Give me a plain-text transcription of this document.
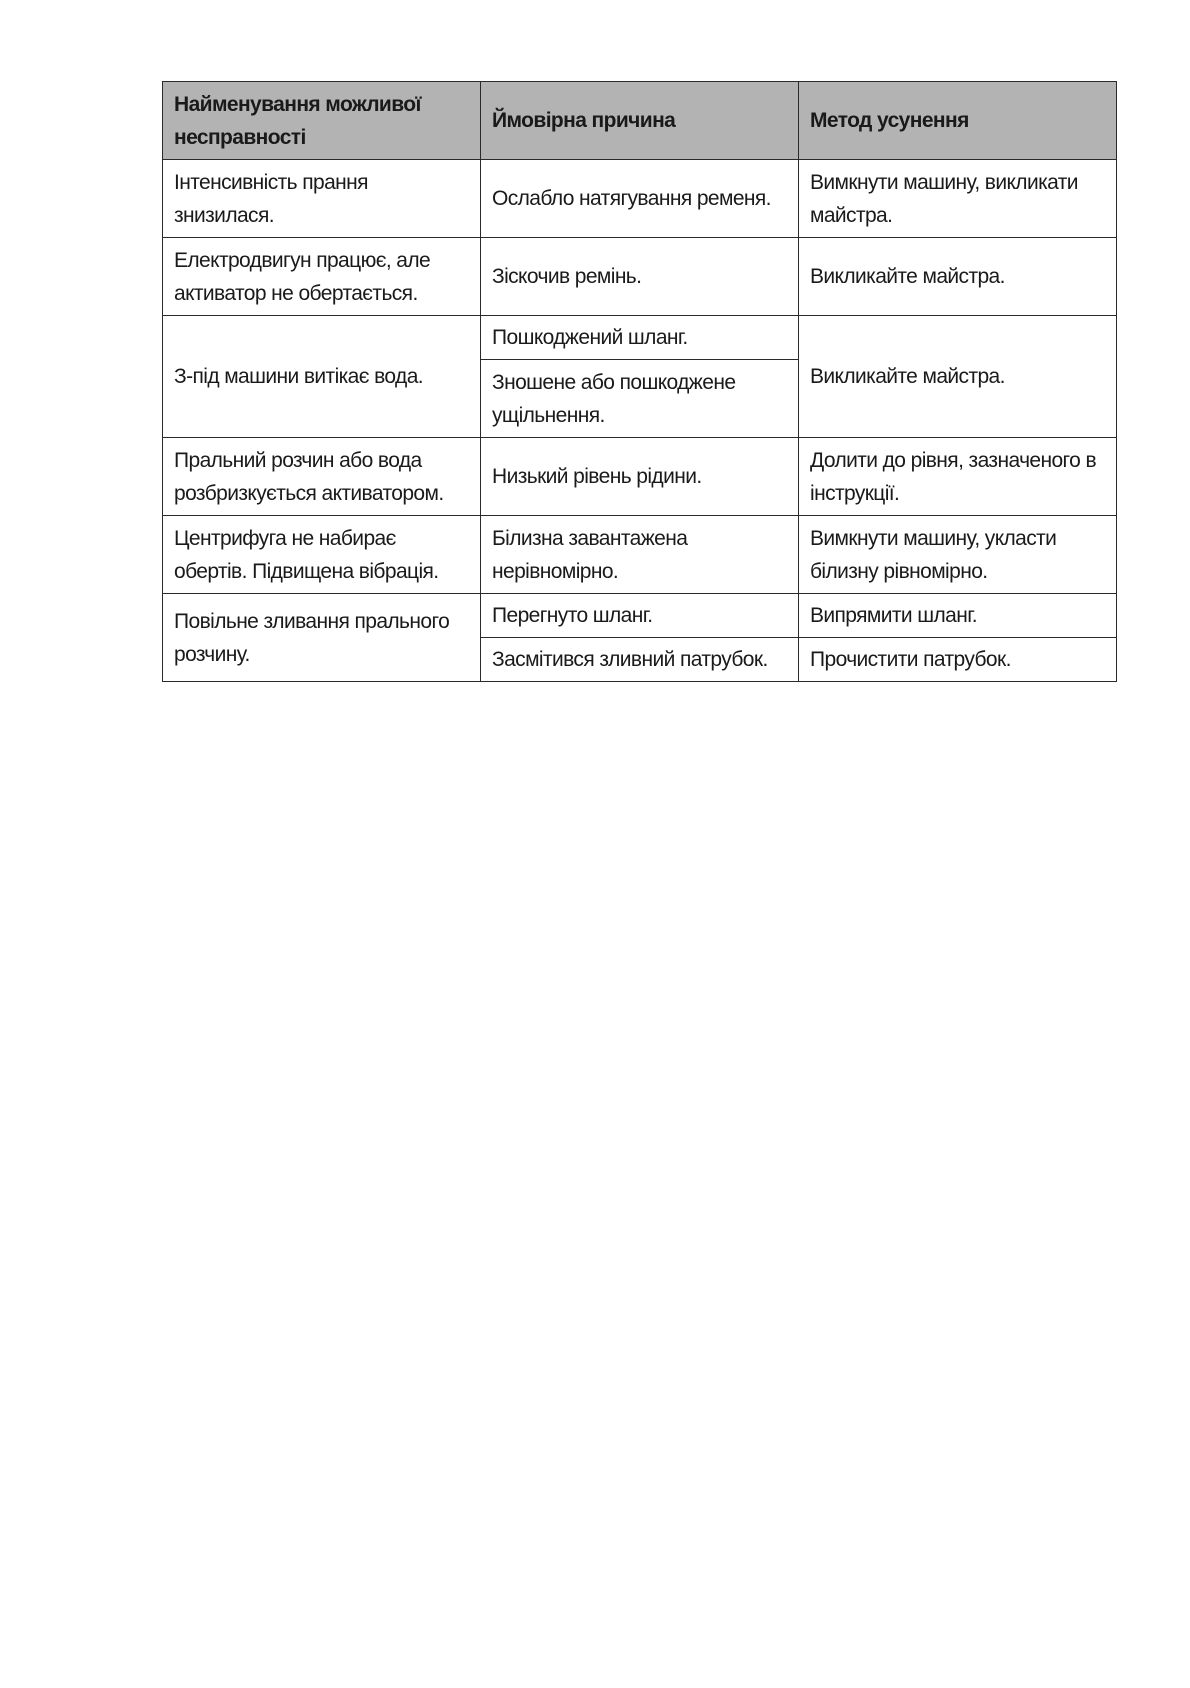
Найменування можливої несправності	Ймовірна причина	Метод усунення
Інтенсивність прання знизилася.	Ослабло натягування ременя.	Вимкнути машину, викликати майстра.
Електродвигун працює, але активатор не обертається.	Зіскочив ремінь.	Викликайте майстра.
З-під машини витікає вода.	Пошкоджений шланг.	Викликайте майстра.
	Зношене або пошкоджене ущільнення.	
Пральний розчин або вода розбризкується активатором.	Низький рівень рідини.	Долити до рівня, зазначеного в інструкції.
Центрифуга не набирає обертів. Підвищена вібрація.	Білизна завантажена нерівномірно.	Вимкнути машину, укласти білизну рівномірно.
Повільне зливання прального розчину.	Перегнуто шланг.	Випрямити шланг.
	Засмітився зливний патрубок.	Прочистити патрубок.
